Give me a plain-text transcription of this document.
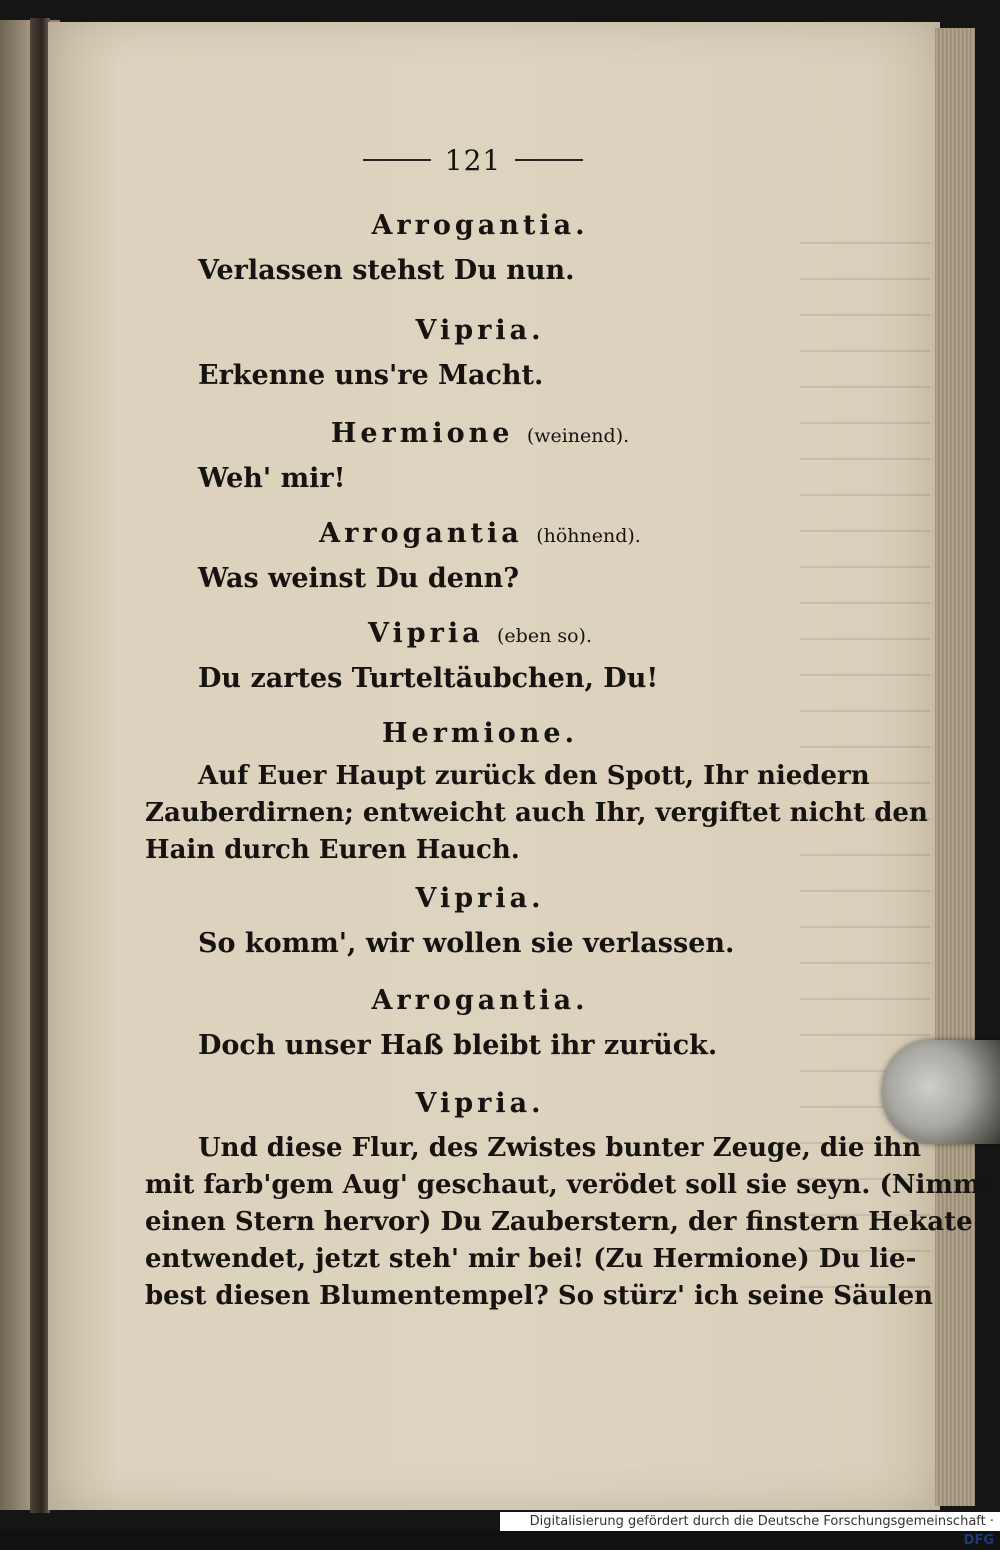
121
Arrogantia.
Verlassen stehst Du nun.
Vipria.
Erkenne uns're Macht.
Hermione (weinend).
Weh' mir!
Arrogantia (höhnend).
Was weinst Du denn?
Vipria (eben so).
Du zartes Turteltäubchen, Du!
Hermione.
Auf Euer Haupt zurück den Spott, Ihr niedern
Zauberdirnen; entweicht auch Ihr, vergiftet nicht den
Hain durch Euren Hauch.
Vipria.
So komm', wir wollen sie verlassen.
Arrogantia.
Doch unser Haß bleibt ihr zurück.
Vipria.
Und diese Flur, des Zwistes bunter Zeuge, die ihn
mit farb'gem Aug' geschaut, verödet soll sie seyn. (Nimmt
einen Stern hervor) Du Zauberstern, der finstern Hekate
entwendet, jetzt steh' mir bei! (Zu Hermione) Du lie-
best diesen Blumentempel? So stürz' ich seine Säulen
Digitalisierung gefördert durch die Deutsche Forschungsgemeinschaft · DFG
